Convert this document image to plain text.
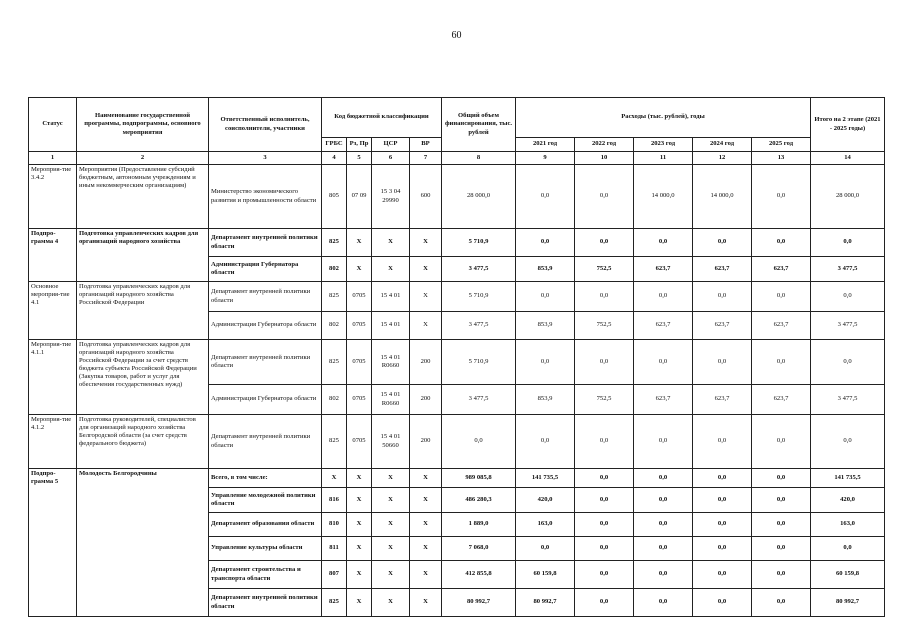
60
Статус	Наименование государственной программы, подпрограммы, основного мероприятия	Ответственный исполнитель, соисполнители, участники	Код бюджетной классификации				Общий объем финансирования, тыс. рублей	Расходы (тыс. рублей), годы					Итого на 2 этапе (2021 - 2025 годы)
			ГРБС	Рз, Пр	ЦСР	ВР		2021 год	2022 год	2023 год	2024 год	2025 год	
1	2	3	4	5	6	7	8	9	10	11	12	13	14
Мероприя-тие 3.4.2	Мероприятия (Предоставление субсидий бюджетным, автономным учреждениям и иным некоммерческим организациям)	Министерство экономического развития и промышленности области	805	07 09	15 3 04 29990	600	28 000,0	0,0	0,0	14 000,0	14 000,0	0,0	28 000,0
Подпро-грамма 4	Подготовка управленческих кадров для организаций народного хозяйства	Департамент внутренней политики области	825	X	X	X	5 710,9	0,0	0,0	0,0	0,0	0,0	0,0
		Администрация Губернатора области	802	X	X	X	3 477,5	853,9	752,5	623,7	623,7	623,7	3 477,5
Основное мероприя-тие 4.1	Подготовка управленческих кадров для организаций народного хозяйства Российской Федерации	Департамент внутренней политики области	825	0705	15 4 01	X	5 710,9	0,0	0,0	0,0	0,0	0,0	0,0
		Администрация Губернатора области	802	0705	15 4 01	X	3 477,5	853,9	752,5	623,7	623,7	623,7	3 477,5
Мероприя-тие 4.1.1	Подготовка управленческих кадров для организаций народного хозяйства Российской Федерации за счет средств бюджета субъекта Российской Федерации (Закупка товаров, работ и услуг для обеспечения государственных нужд)	Департамент внутренней политики области	825	0705	15 4 01 R0660	200	5 710,9	0,0	0,0	0,0	0,0	0,0	0,0
		Администрация Губернатора области	802	0705	15 4 01 R0660	200	3 477,5	853,9	752,5	623,7	623,7	623,7	3 477,5
Мероприя-тие 4.1.2	Подготовка руководителей, специалистов для организаций народного хозяйства Белгородской области (за счет средств федерального бюджета)	Департамент внутренней политики области	825	0705	15 4 01 50660	200	0,0	0,0	0,0	0,0	0,0	0,0	0,0
Подпро-грамма 5	Молодость Белгородчины	Всего, в том числе:	X	X	X	X	989 085,8	141 735,5	0,0	0,0	0,0	0,0	141 735,5
		Управление молодежной политики области	816	X	X	X	486 280,3	420,0	0,0	0,0	0,0	0,0	420,0
		Департамент образования области	810	X	X	X	1 889,0	163,0	0,0	0,0	0,0	0,0	163,0
		Управление культуры области	811	X	X	X	7 068,0	0,0	0,0	0,0	0,0	0,0	0,0
		Департамент строительства и транспорта области	807	X	X	X	412 855,8	60 159,8	0,0	0,0	0,0	0,0	60 159,8
		Департамент внутренней политики области	825	X	X	X	80 992,7	80 992,7	0,0	0,0	0,0	0,0	80 992,7
